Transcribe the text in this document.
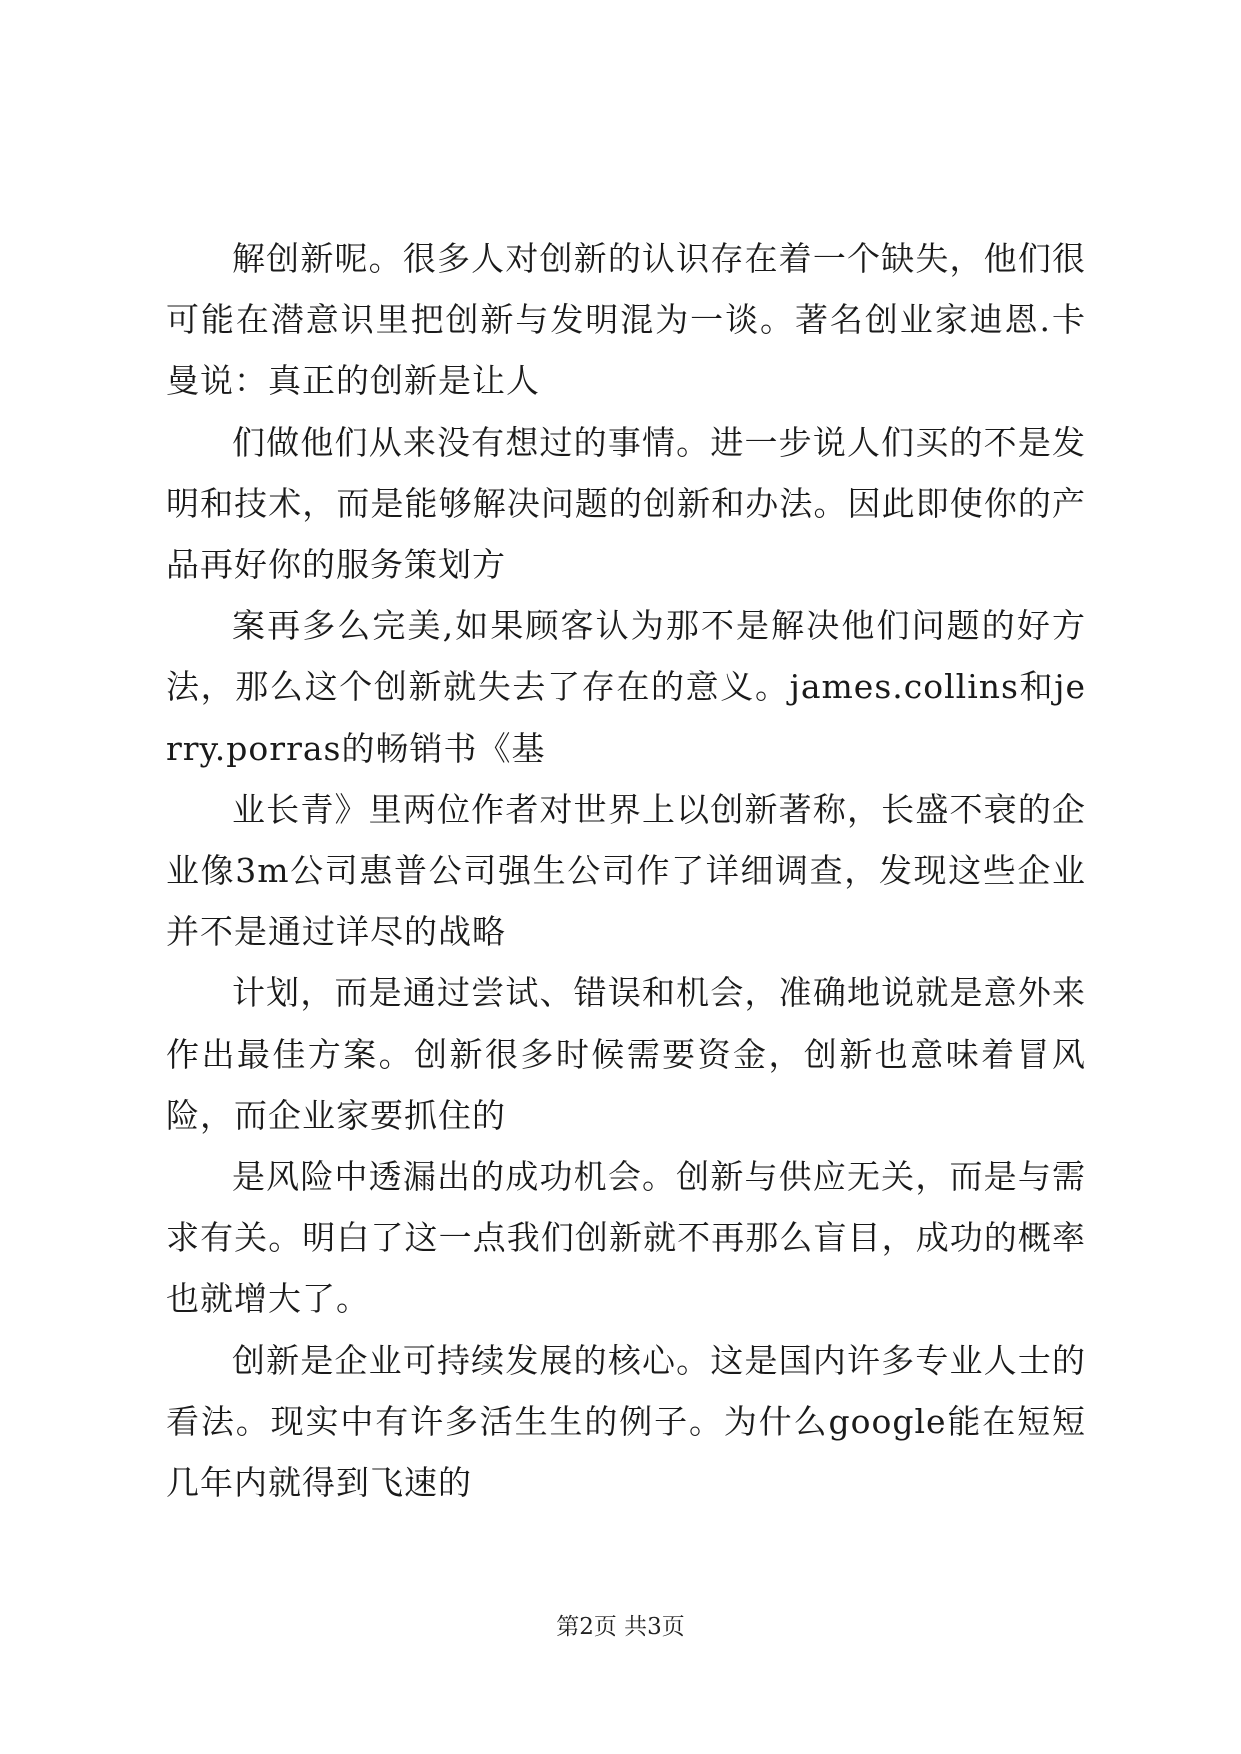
解创新呢。很多人对创新的认识存在着一个缺失，他们很可能在潜意识里把创新与发明混为一谈。著名创业家迪恩.卡曼说：真正的创新是让人

们做他们从来没有想过的事情。进一步说人们买的不是发明和技术，而是能够解决问题的创新和办法。因此即使你的产品再好你的服务策划方

案再多么完美,如果顾客认为那不是解决他们问题的好方法，那么这个创新就失去了存在的意义。james.collins和jerry.porras的畅销书《基

业长青》里两位作者对世界上以创新著称，长盛不衰的企业像3m公司惠普公司强生公司作了详细调查，发现这些企业并不是通过详尽的战略

计划，而是通过尝试、错误和机会，准确地说就是意外来作出最佳方案。创新很多时候需要资金，创新也意味着冒风险，而企业家要抓住的

是风险中透漏出的成功机会。创新与供应无关，而是与需求有关。明白了这一点我们创新就不再那么盲目，成功的概率也就增大了。

创新是企业可持续发展的核心。这是国内许多专业人士的看法。现实中有许多活生生的例子。为什么google能在短短几年内就得到飞速的

第2页 共3页
